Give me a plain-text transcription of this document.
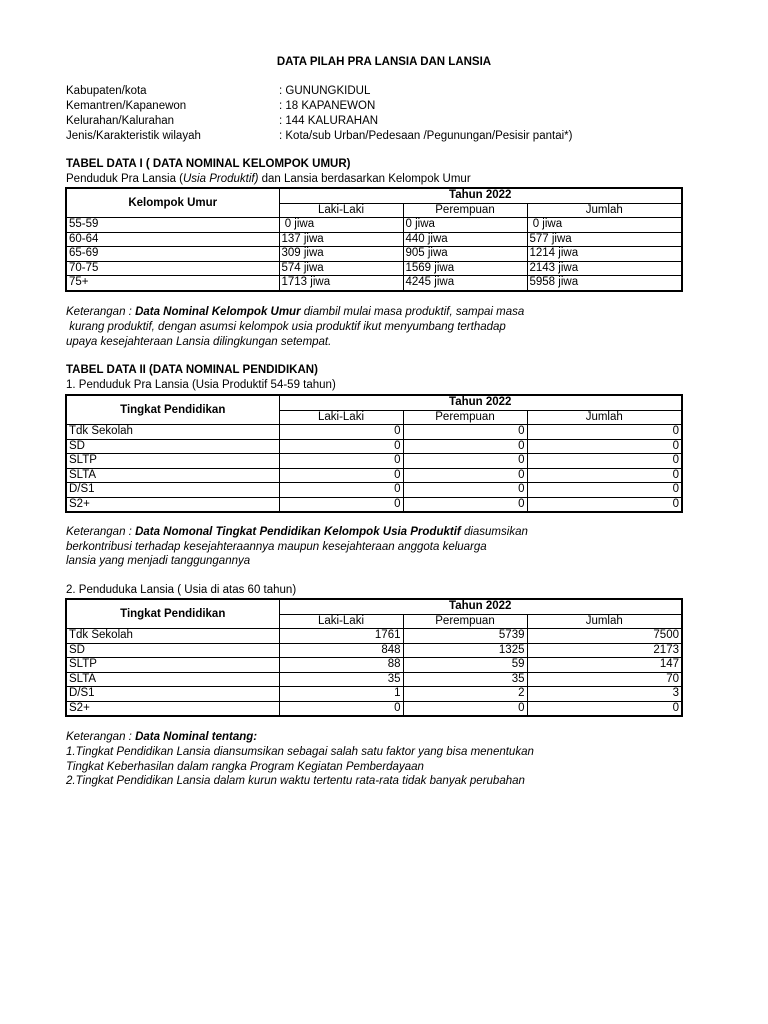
DATA PILAH PRA LANSIA DAN LANSIA
Kabupaten/kota	: GUNUNGKIDUL
Kemantren/Kapanewon	: 18 KAPANEWON
Kelurahan/Kalurahan	: 144 KALURAHAN
Jenis/Karakteristik wilayah	: Kota/sub Urban/Pedesaan /Pegunungan/Pesisir pantai*)
TABEL DATA I ( DATA NOMINAL KELOMPOK UMUR)
Penduduk Pra Lansia (Usia Produktif) dan Lansia berdasarkan Kelompok Umur
Kelompok Umur	Tahun 2022		
	Laki-Laki	Perempuan	Jumlah
55-59	0 jiwa	0 jiwa	0 jiwa
60-64	137 jiwa	440 jiwa	577 jiwa
65-69	309 jiwa	905 jiwa	1214 jiwa
70-75	574 jiwa	1569 jiwa	2143 jiwa
75+	1713 jiwa	4245 jiwa	5958 jiwa
Keterangan : Data Nominal Kelompok Umur diambil mulai masa produktif, sampai masa
kurang produktif, dengan asumsi kelompok usia produktif ikut menyumbang terthadap
upaya kesejahteraan Lansia dilingkungan setempat.
TABEL DATA II (DATA NOMINAL PENDIDIKAN)
1. Penduduk Pra Lansia (Usia Produktif 54-59 tahun)
Tingkat Pendidikan	Tahun 2022		
	Laki-Laki	Perempuan	Jumlah
Tdk Sekolah	0	0	0
SD	0	0	0
SLTP	0	0	0
SLTA	0	0	0
D/S1	0	0	0
S2+	0	0	0
Keterangan : Data Nomonal Tingkat Pendidikan Kelompok Usia Produktif diasumsikan
berkontribusi terhadap kesejahteraannya maupun kesejahteraan anggota keluarga
lansia yang menjadi tanggungannya
2. Penduduka Lansia ( Usia di atas 60 tahun)
Tingkat Pendidikan	Tahun 2022		
	Laki-Laki	Perempuan	Jumlah
Tdk Sekolah	1761	5739	7500
SD	848	1325	2173
SLTP	88	59	147
SLTA	35	35	70
D/S1	1	2	3
S2+	0	0	0
Keterangan : Data Nominal tentang:
1.Tingkat Pendidikan Lansia diansumsikan sebagai salah satu faktor yang bisa menentukan
Tingkat Keberhasilan dalam rangka Program Kegiatan Pemberdayaan
2.Tingkat Pendidikan Lansia dalam kurun waktu tertentu rata-rata tidak banyak perubahan
